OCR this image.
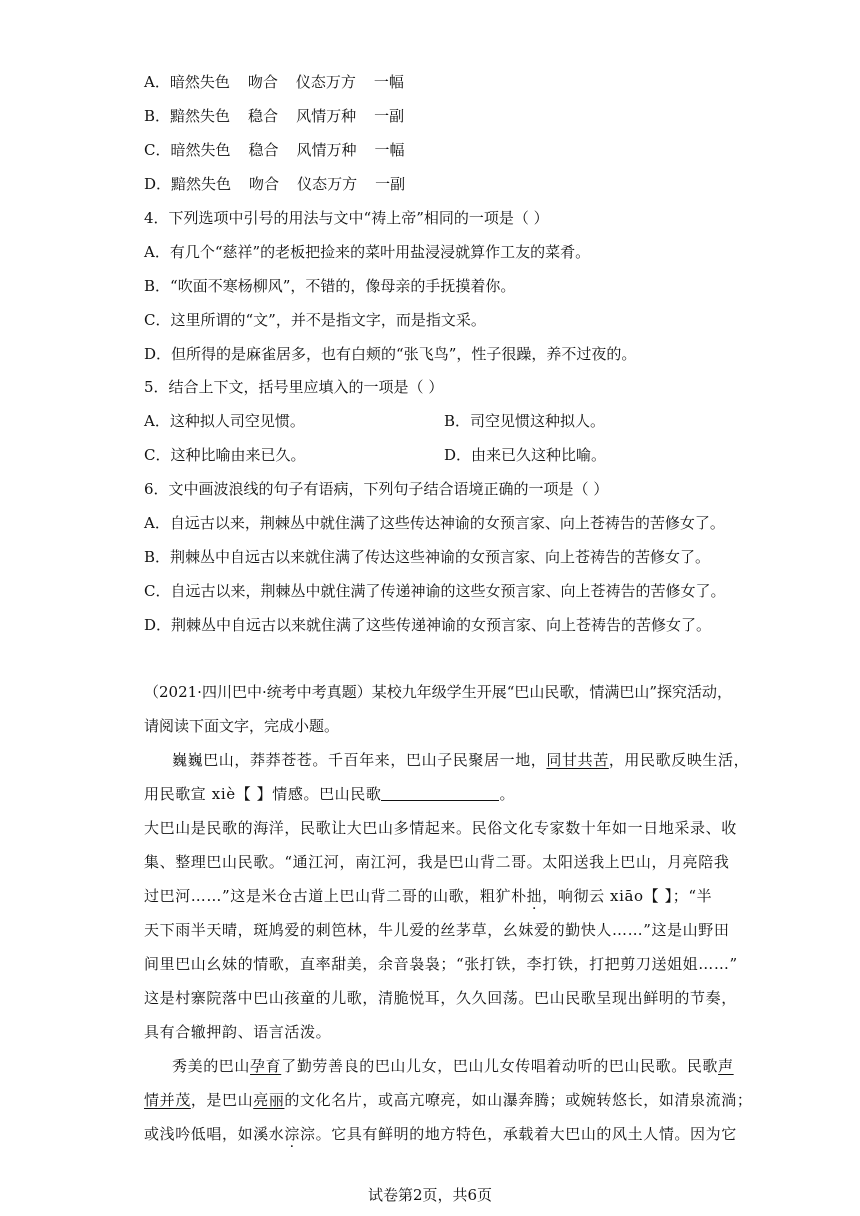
A．暗然失色 吻合 仪态万方 一幅
B．黯然失色 稳合 风情万种 一副
C．暗然失色 稳合 风情万种 一幅
D．黯然失色 吻合 仪态万方 一副
4．下列选项中引号的用法与文中“祷上帝”相同的一项是（ ）
A．有几个“慈祥”的老板把捡来的菜叶用盐浸浸就算作工友的菜肴。
B．“吹面不寒杨柳风”，不错的，像母亲的手抚摸着你。
C．这里所谓的“文”，并不是指文字，而是指文采。
D．但所得的是麻雀居多，也有白颊的“张飞鸟”，性子很躁，养不过夜的。
5．结合上下文，括号里应填入的一项是（ ）
A．这种拟人司空见惯。	B．司空见惯这种拟人。
C．这种比喻由来已久。	D．由来已久这种比喻。
6．文中画波浪线的句子有语病，下列句子结合语境正确的一项是（ ）
A．自远古以来，荆棘丛中就住满了这些传达神谕的女预言家、向上苍祷告的苦修女了。
B．荆棘丛中自远古以来就住满了传达这些神谕的女预言家、向上苍祷告的苦修女了。
C．自远古以来，荆棘丛中就住满了传递神谕的这些女预言家、向上苍祷告的苦修女了。
D．荆棘丛中自远古以来就住满了这些传递神谕的女预言家、向上苍祷告的苦修女了。
（2021·四川巴中·统考中考真题）某校九年级学生开展“巴山民歌，情满巴山”探究活动，
请阅读下面文字，完成小题。
巍巍巴山，莽莽苍苍。千百年来，巴山子民聚居一地，同甘共苦，用民歌反映生活，
用民歌宣 xiè【 】情感。巴山民歌	。
大巴山是民歌的海洋，民歌让大巴山多情起来。民俗文化专家数十年如一日地采录、收
集、整理巴山民歌。“通江河，南江河，我是巴山背二哥。太阳送我上巴山，月亮陪我
过巴河……”这是米仓古道上巴山背二哥的山歌，粗犷朴拙，响彻云 xiāo【 】；“半
天下雨半天晴，斑鸠爱的刺笆林，牛儿爱的丝茅草，幺妹爱的勤快人……”这是山野田
间里巴山幺妹的情歌，直率甜美，余音袅袅；“张打铁，李打铁，打把剪刀送姐姐……”
这是村寨院落中巴山孩童的儿歌，清脆悦耳，久久回荡。巴山民歌呈现出鲜明的节奏，
具有合辙押韵、语言活泼。
秀美的巴山孕育了勤劳善良的巴山儿女，巴山儿女传唱着动听的巴山民歌。民歌声
情并茂，是巴山亮丽的文化名片，或高亢嘹亮，如山瀑奔腾；或婉转悠长，如清泉流淌；
或浅吟低唱，如溪水淙淙。它具有鲜明的地方特色，承载着大巴山的风土人情。因为它
试卷第2页，共6页
